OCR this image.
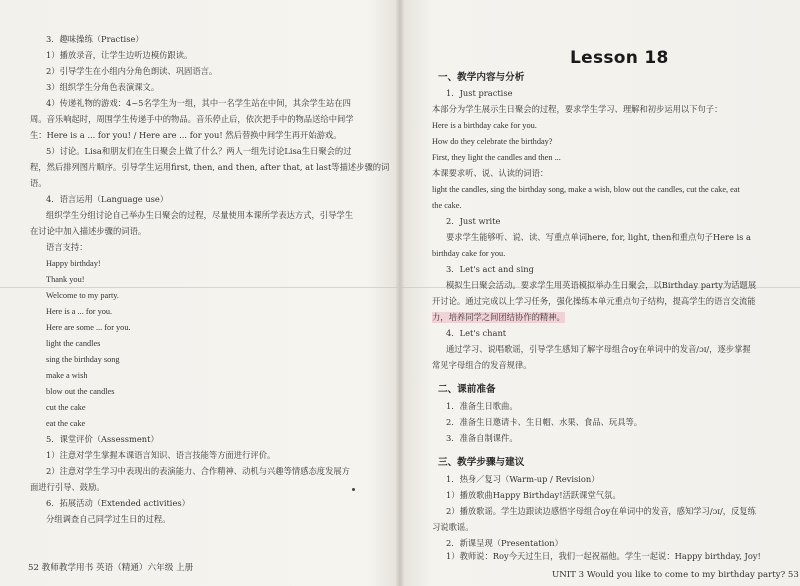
3．趣味操练（Practise）
1）播放录音，让学生边听边模仿跟读。
2）引导学生在小组内分角色朗读、巩固语言。
3）组织学生分角色表演课文。
4）传递礼物的游戏：4~5名学生为一组，其中一名学生站在中间，其余学生站在四
周。音乐响起时，周围学生传递手中的物品。音乐停止后，依次把手中的物品送给中间学
生：Here is a ... for you! / Here are ... for you! 然后替换中间学生再开始游戏。
5）讨论。Lisa和朋友们在生日聚会上做了什么？两人一组先讨论Lisa生日聚会的过
程，然后排列图片顺序。引导学生运用first, then, and then, after that, at last等描述步骤的词
语。
4．语言运用（Language use）
组织学生分组讨论自己举办生日聚会的过程，尽量使用本课所学表达方式，引导学生
在讨论中加入描述步骤的词语。
语言支持：
Happy birthday!
Thank you!
Welcome to my party.
Here is a ... for you.
Here are some ... for you.
light the candles
sing the birthday song
make a wish
blow out the candles
cut the cake
eat the cake
5．课堂评价（Assessment）
1）注意对学生掌握本课语言知识、语言技能等方面进行评价。
2）注意对学生学习中表现出的表演能力、合作精神、动机与兴趣等情感态度发展方
面进行引导、鼓励。
6．拓展活动（Extended activities）
分组调查自己同学过生日的过程。
52 教师教学用书 英语（精通）六年级 上册
Lesson 18
一、教学内容与分析
1．Just practise
本部分为学生展示生日聚会的过程，要求学生学习、理解和初步运用以下句子：
Here is a birthday cake for you.
How do they celebrate the birthday?
First, they light the candles and then ...
本课要求听、说、认读的词语：
light the candles, sing the birthday song, make a wish, blow out the candles, cut the cake, eat
the cake.
2．Just write
要求学生能够听、说、读、写重点单词here, for, light, then和重点句子Here is a
birthday cake for you.
3．Let's act and sing
模拟生日聚会活动。要求学生用英语模拟举办生日聚会，以Birthday party为话题展
开讨论。通过完成以上学习任务，强化操练本单元重点句子结构，提高学生的语言交流能
力，培养同学之间团结协作的精神。
4．Let's chant
通过学习、说唱歌谣，引导学生感知了解字母组合oy在单词中的发音/ɔɪ/，逐步掌握
常见字母组合的发音规律。
二、课前准备
1．准备生日歌曲。
2．准备生日邀请卡、生日帽、水果、食品、玩具等。
3．准备自制课件。
三、教学步骤与建议
1．热身／复习（Warm-up / Revision）
1）播放歌曲Happy Birthday!活跃课堂气氛。
2）播放歌谣。学生边跟读边感悟字母组合oy在单词中的发音，感知学习/ɔɪ/，反复练
习说歌谣。
2．新课呈现（Presentation）
1）教师说：Roy今天过生日，我们一起祝福他。学生一起说：Happy birthday, Joy!
UNIT 3 Would you like to come to my birthday party? 53
